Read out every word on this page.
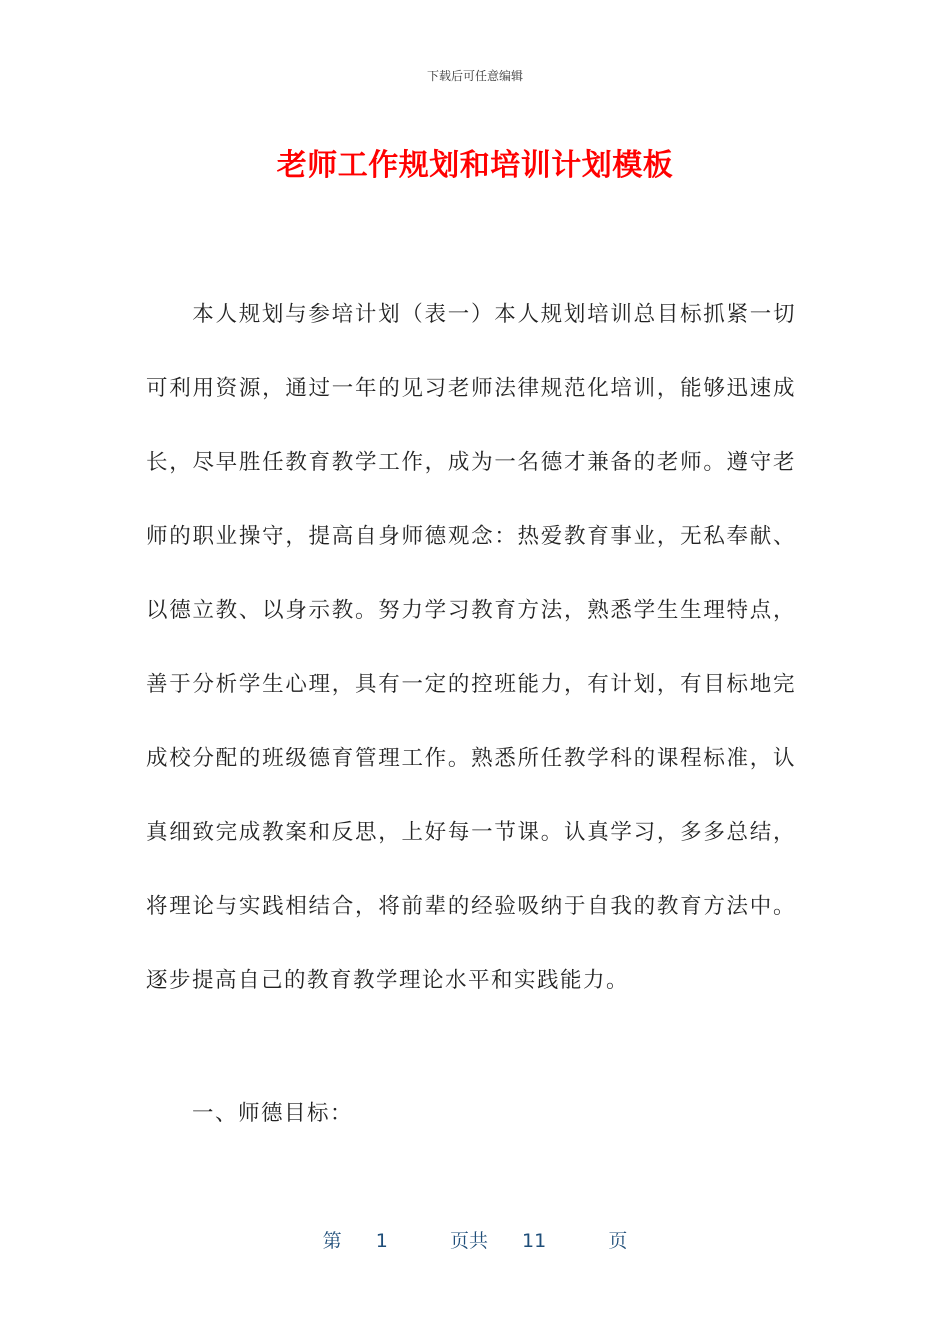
下载后可任意编辑
老师工作规划和培训计划模板

本人规划与参培计划（表一）本人规划培训总目标抓紧一切可利用资源，通过一年的见习老师法律规范化培训，能够迅速成长，尽早胜任教育教学工作，成为一名德才兼备的老师。遵守老师的职业操守，提高自身师德观念：热爱教育事业，无私奉献、以德立教、以身示教。努力学习教育方法，熟悉学生生理特点，善于分析学生心理，具有一定的控班能力，有计划，有目标地完成校分配的班级德育管理工作。熟悉所任教学科的课程标准，认真细致完成教案和反思，上好每一节课。认真学习，多多总结，将理论与实践相结合，将前辈的经验吸纳于自我的教育方法中。逐步提高自己的教育教学理论水平和实践能力。

一、师德目标：

第 1	页共 11	页
